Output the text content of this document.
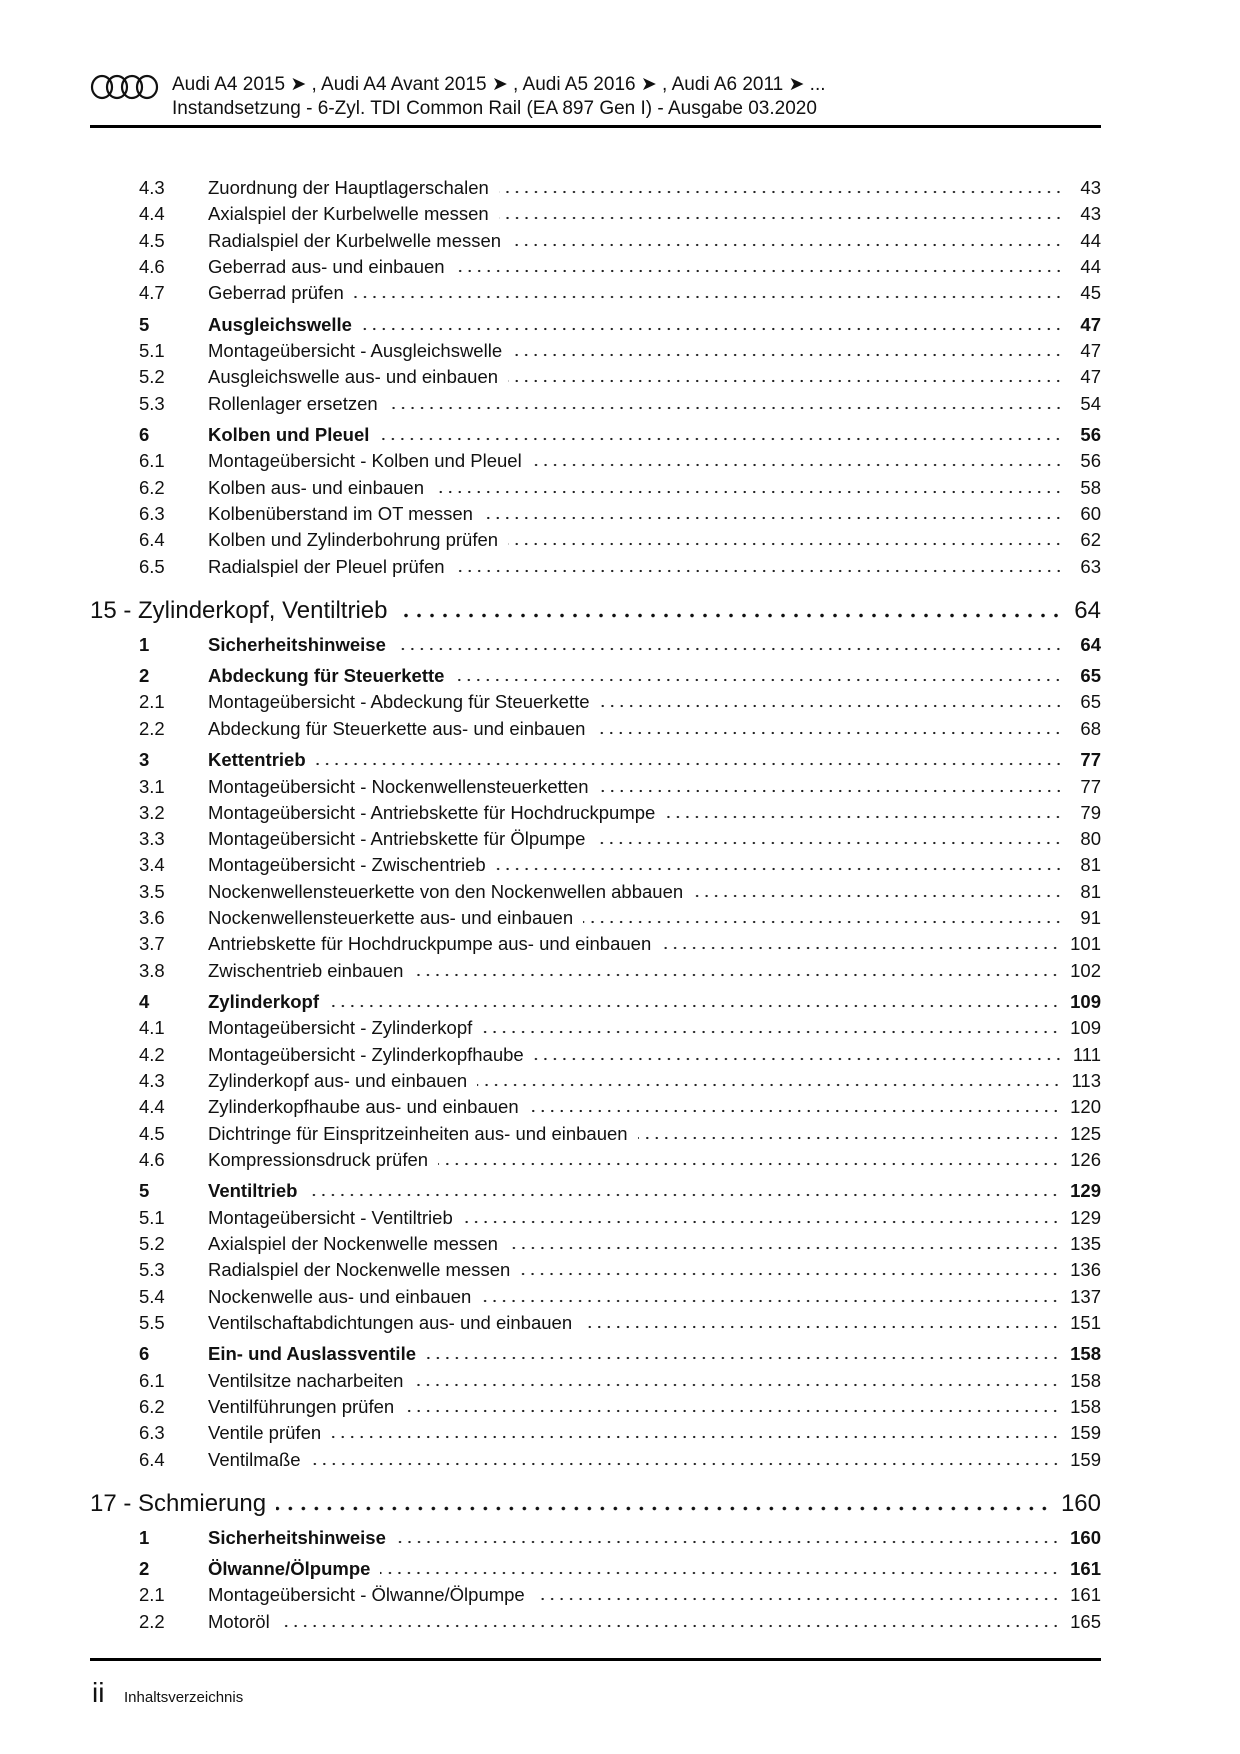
Audi A4 2015 ➤ , Audi A4 Avant 2015 ➤ , Audi A5 2016 ➤ , Audi A6 2011 ➤ ...
Instandsetzung - 6-Zyl. TDI Common Rail (EA 897 Gen I) - Ausgabe 03.2020
4.3 Zuordnung der Hauptlagerschalen	43
4.4 Axialspiel der Kurbelwelle messen	43
4.5 Radialspiel der Kurbelwelle messen	44
4.6 Geberrad aus- und einbauen	44
4.7 Geberrad prüfen	45
5	Ausgleichswelle	47
5.1 Montageübersicht - Ausgleichswelle	47
5.2 Ausgleichswelle aus- und einbauen	47
5.3 Rollenlager ersetzen	54
6	Kolben und Pleuel	56
6.1 Montageübersicht - Kolben und Pleuel	56
6.2 Kolben aus- und einbauen	58
6.3 Kolbenüberstand im OT messen	60
6.4 Kolben und Zylinderbohrung prüfen	62
6.5 Radialspiel der Pleuel prüfen	63
15 - Zylinderkopf, Ventiltrieb	64
1	Sicherheitshinweise	64
2	Abdeckung für Steuerkette	65
2.1 Montageübersicht - Abdeckung für Steuerkette	65
2.2 Abdeckung für Steuerkette aus- und einbauen	68
3	Kettentrieb	77
3.1 Montageübersicht - Nockenwellensteuerketten	77
3.2 Montageübersicht - Antriebskette für Hochdruckpumpe	79
3.3 Montageübersicht - Antriebskette für Ölpumpe	80
3.4 Montageübersicht - Zwischentrieb	81
3.5 Nockenwellensteuerkette von den Nockenwellen abbauen	81
3.6 Nockenwellensteuerkette aus- und einbauen	91
3.7 Antriebskette für Hochdruckpumpe aus- und einbauen	101
3.8 Zwischentrieb einbauen	102
4	Zylinderkopf	109
4.1 Montageübersicht - Zylinderkopf	109
4.2 Montageübersicht - Zylinderkopfhaube	111
4.3 Zylinderkopf aus- und einbauen	113
4.4 Zylinderkopfhaube aus- und einbauen	120
4.5 Dichtringe für Einspritzeinheiten aus- und einbauen	125
4.6 Kompressionsdruck prüfen	126
5	Ventiltrieb	129
5.1 Montageübersicht - Ventiltrieb	129
5.2 Axialspiel der Nockenwelle messen	135
5.3 Radialspiel der Nockenwelle messen	136
5.4 Nockenwelle aus- und einbauen	137
5.5 Ventilschaftabdichtungen aus- und einbauen	151
6	Ein- und Auslassventile	158
6.1 Ventilsitze nacharbeiten	158
6.2 Ventilführungen prüfen	158
6.3 Ventile prüfen	159
6.4 Ventilmaße	159
17 - Schmierung	160
1	Sicherheitshinweise	160
2	Ölwanne/Ölpumpe	161
2.1 Montageübersicht - Ölwanne/Ölpumpe	161
2.2 Motoröl	165
ii Inhaltsverzeichnis
